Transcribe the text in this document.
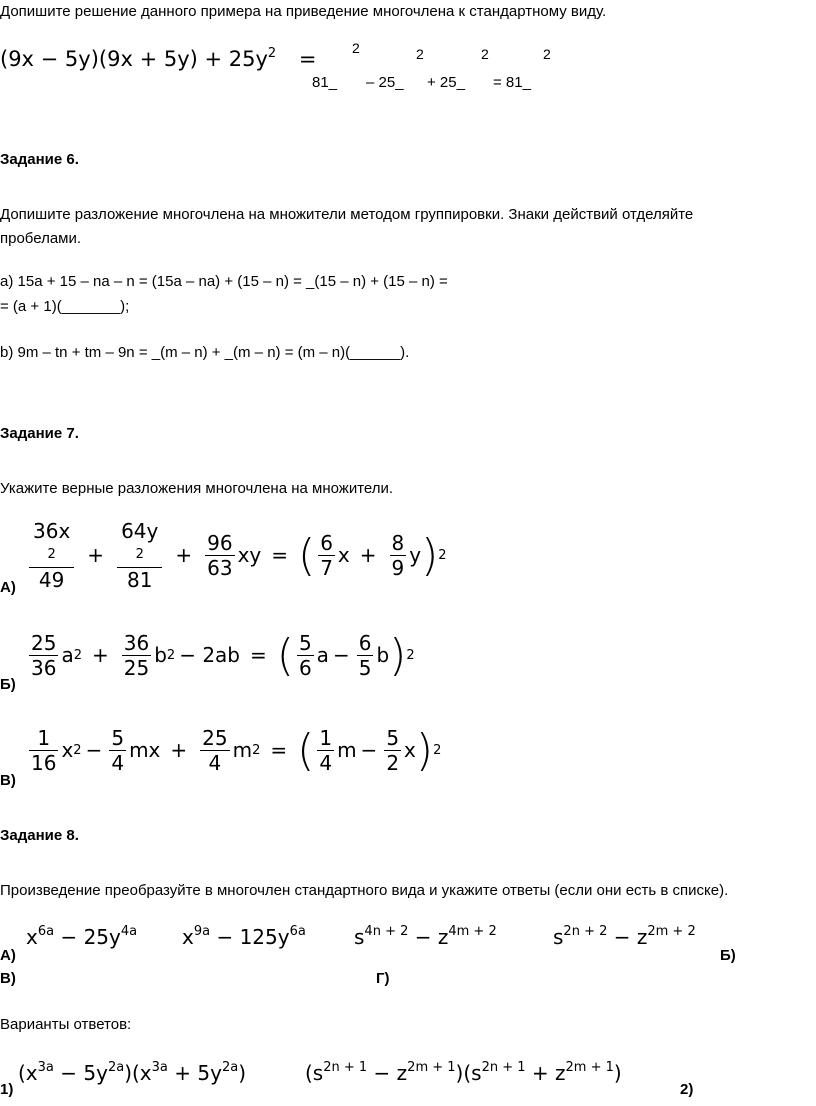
Допишите решение данного примера на приведение многочлена к стандартному виду.
$(9x - 5y)(9x + 5y) + 25y^2$ =	2	2	2	2
81_ – 25_ + 25_ = 81_
Задание 6.
Допишите разложение многочлена на множители методом группировки. Знаки действий отделяйте
пробелами.
a) 15a + 15 – na – n = (15a – na) + (15 – n) = _(15 – n) + (15 – n) =
= (a + 1)(_______);
b) 9m – tn + tm – 9n = _(m – n) + _(m – n) = (m – n)(______).
Задание 7.
Укажите верные разложения многочлена на множители.
36x
2
49 + 64y
2
$81 + \frac{96}{63}$ xy = ( $\frac{6}{7}$ $x + \frac{8}{9}$ y ) 2
А)
$\frac{25}{36}$ a $2 + \frac{36}{25}$ b 2 − 2ab = ( $\frac{5}{6}$ $a - \frac{6}{5}$ b ) 2
Б)
$\frac{1}{16}$ x $2 - \frac{5}{4}$ mx + $\frac{25}{4}$ m 2 = ( $\frac{1}{4}$ $m - \frac{5}{2}$ x ) 2
В)
Задание 8.
Произведение преобразуйте в многочлен стандартного вида и укажите ответы (если они есть в списке).
$x^{6a} - 25y^{4a}$ $x^{9a} - 125y^{6a}$ $s^{4n + 2} - z^{4m + 2}$	$s^{2n + 2} - z^{2m + 2}$
А)	Б)
В)	Г)
Варианты ответов:
$(x^{3a} - 5y^{2a})(x^{3a} + 5y^{2a})$	$(s^{2n + 1} - z^{2m + 1})(s^{2n + 1} + z^{2m + 1})$
1)	2)
